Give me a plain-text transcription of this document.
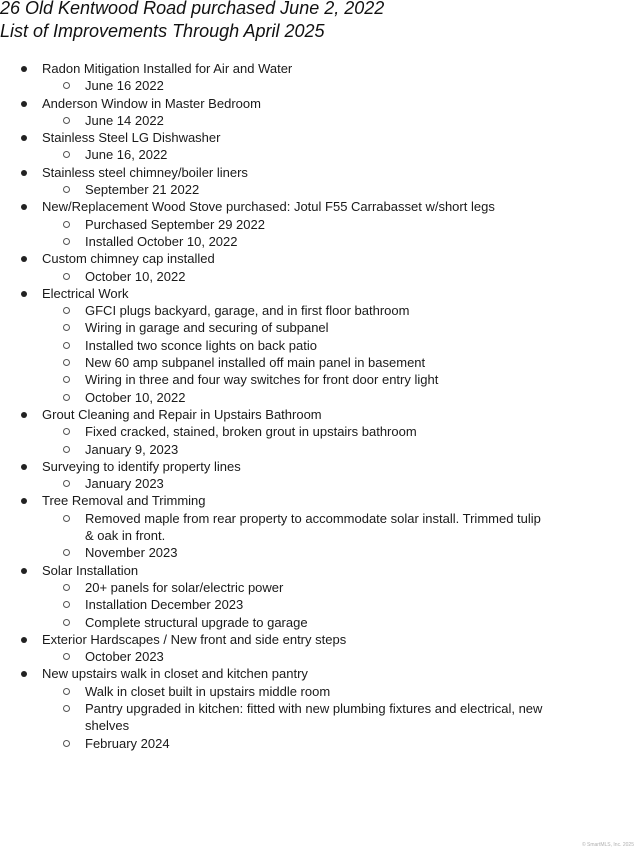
26 Old Kentwood Road purchased June 2, 2022
List of Improvements Through April 2025
Radon Mitigation Installed for Air and Water
June 16 2022
Anderson Window in Master Bedroom
June 14 2022
Stainless Steel LG Dishwasher
June 16, 2022
Stainless steel chimney/boiler liners
September 21 2022
New/Replacement Wood Stove purchased: Jotul F55 Carrabasset w/short legs
Purchased September 29 2022
Installed October 10, 2022
Custom chimney cap installed
October 10, 2022
Electrical Work
GFCI plugs backyard, garage, and in first floor bathroom
Wiring in garage and securing of subpanel
Installed two sconce lights on back patio
New 60 amp subpanel installed off main panel in basement
Wiring in three and four way switches for front door entry light
October 10, 2022
Grout Cleaning and Repair in Upstairs Bathroom
Fixed cracked, stained, broken grout in upstairs bathroom
January 9, 2023
Surveying to identify property lines
January 2023
Tree Removal and Trimming
Removed maple from rear property to accommodate solar install. Trimmed tulip & oak in front.
November 2023
Solar Installation
20+ panels for solar/electric power
Installation December 2023
Complete structural upgrade to garage
Exterior Hardscapes / New front and side entry steps
October 2023
New upstairs walk in closet and kitchen pantry
Walk in closet built in upstairs middle room
Pantry upgraded in kitchen: fitted with new plumbing fixtures and electrical, new shelves
February 2024
© SmartMLS, Inc. 2025
